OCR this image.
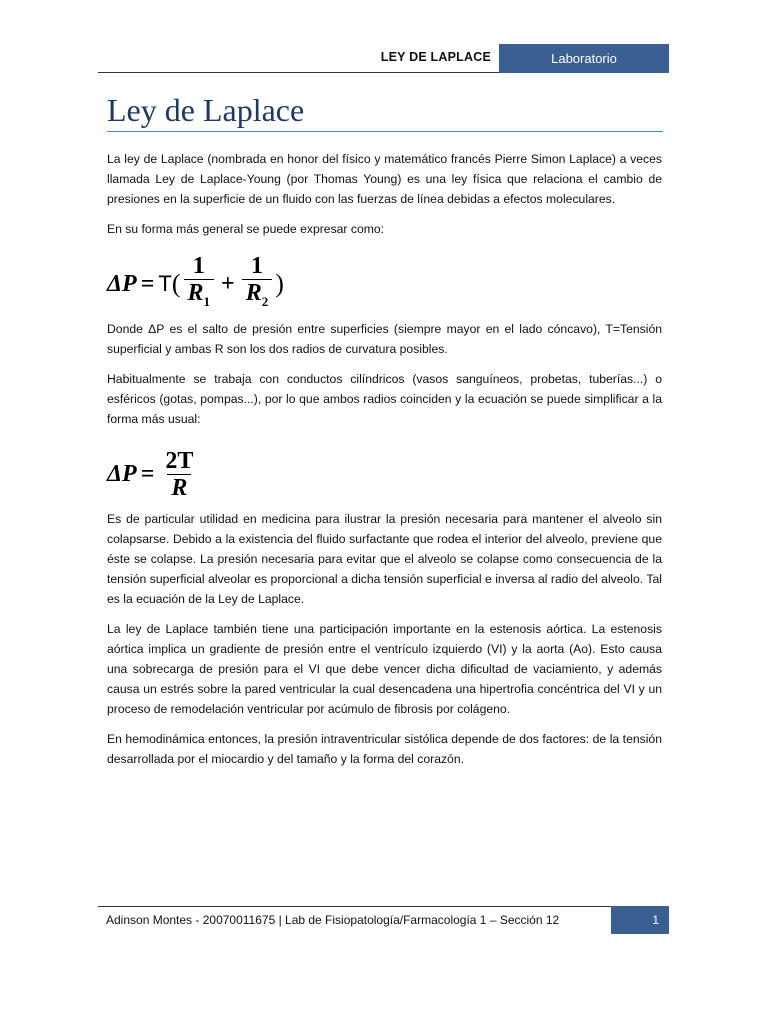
LEY DE LAPLACE	Laboratorio
Ley de Laplace

La ley de Laplace (nombrada en honor del físico y matemático francés Pierre Simon Laplace) a veces llamada Ley de Laplace-Young (por Thomas Young) es una ley física que relaciona el cambio de presiones en la superficie de un fluido con las fuerzas de línea debidas a efectos moleculares.

En su forma más general se puede expresar como:

ΔP = T ( $\frac{1}{R_1} + \frac{1}{R_2}$ )

Donde ΔP es el salto de presión entre superficies (siempre mayor en el lado cóncavo), T=Tensión superficial y ambas R son los dos radios de curvatura posibles.

Habitualmente se trabaja con conductos cilíndricos (vasos sanguíneos, probetas, tuberías...) o esféricos (gotas, pompas...), por lo que ambos radios coinciden y la ecuación se puede simplificar a la forma más usual:

$\Delta P = \frac{2T}{R}$

Es de particular utilidad en medicina para ilustrar la presión necesaria para mantener el alveolo sin colapsarse. Debido a la existencia del fluido surfactante que rodea el interior del alveolo, previene que éste se colapse. La presión necesaria para evitar que el alveolo se colapse como consecuencia de la tensión superficial alveolar es proporcional a dicha tensión superficial e inversa al radio del alveolo. Tal es la ecuación de la Ley de Laplace.

La ley de Laplace también tiene una participación importante en la estenosis aórtica. La estenosis aórtica implica un gradiente de presión entre el ventrículo izquierdo (VI) y la aorta (Ao). Esto causa una sobrecarga de presión para el VI que debe vencer dicha dificultad de vaciamiento, y además causa un estrés sobre la pared ventricular la cual desencadena una hipertrofia concéntrica del VI y un proceso de remodelación ventricular por acúmulo de fibrosis por colágeno.

En hemodinámica entonces, la presión intraventricular sistólica depende de dos factores: de la tensión desarrollada por el miocardio y del tamaño y la forma del corazón.

Adinson Montes - 20070011675 | Lab de Fisiopatología/Farmacología 1 – Sección 12	1
